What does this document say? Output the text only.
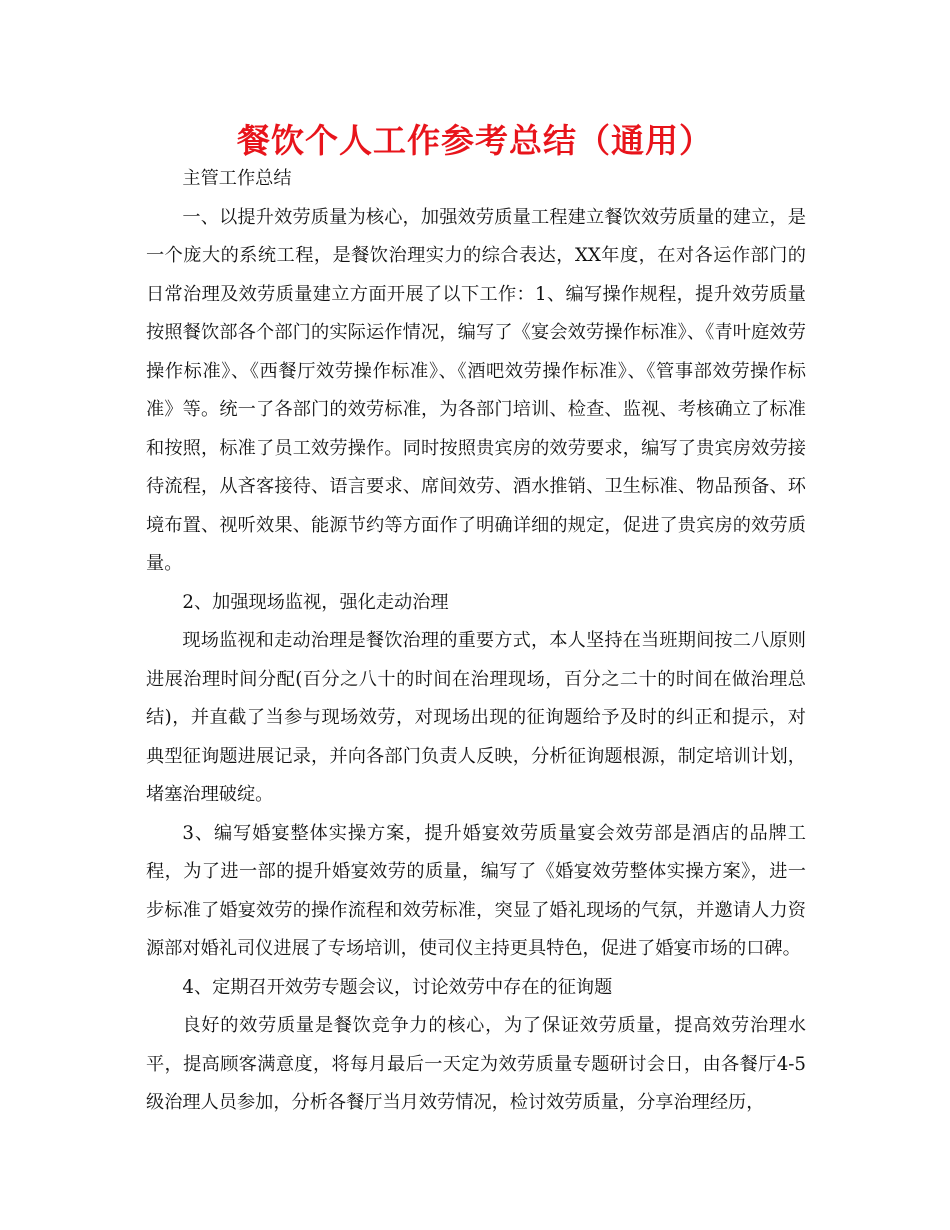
餐饮个人工作参考总结（通用）

主管工作总结

一、以提升效劳质量为核心，加强效劳质量工程建立餐饮效劳质量的建立，是一个庞大的系统工程，是餐饮治理实力的综合表达，XX年度，在对各运作部门的日常治理及效劳质量建立方面开展了以下工作：1、编写操作规程，提升效劳质量按照餐饮部各个部门的实际运作情况，编写了《宴会效劳操作标准》、《青叶庭效劳操作标准》、《西餐厅效劳操作标准》、《酒吧效劳操作标准》、《管事部效劳操作标准》等。统一了各部门的效劳标准，为各部门培训、检查、监视、考核确立了标准和按照，标准了员工效劳操作。同时按照贵宾房的效劳要求，编写了贵宾房效劳接待流程，从吝客接待、语言要求、席间效劳、酒水推销、卫生标准、物品预备、环境布置、视听效果、能源节约等方面作了明确详细的规定，促进了贵宾房的效劳质量。

2、加强现场监视，强化走动治理

现场监视和走动治理是餐饮治理的重要方式，本人坚持在当班期间按二八原则进展治理时间分配(百分之八十的时间在治理现场，百分之二十的时间在做治理总结)，并直截了当参与现场效劳，对现场出现的征询题给予及时的纠正和提示，对典型征询题进展记录，并向各部门负责人反映，分析征询题根源，制定培训计划，堵塞治理破绽。

3、编写婚宴整体实操方案，提升婚宴效劳质量宴会效劳部是酒店的品牌工程，为了进一部的提升婚宴效劳的质量，编写了《婚宴效劳整体实操方案》，进一步标准了婚宴效劳的操作流程和效劳标准，突显了婚礼现场的气氛，并邀请人力资源部对婚礼司仪进展了专场培训，使司仪主持更具特色，促进了婚宴市场的口碑。

4、定期召开效劳专题会议，讨论效劳中存在的征询题

良好的效劳质量是餐饮竞争力的核心，为了保证效劳质量，提高效劳治理水平，提高顾客满意度，将每月最后一天定为效劳质量专题研讨会日，由各餐厅4-5级治理人员参加，分析各餐厅当月效劳情况，检讨效劳质量，分享治理经历，
